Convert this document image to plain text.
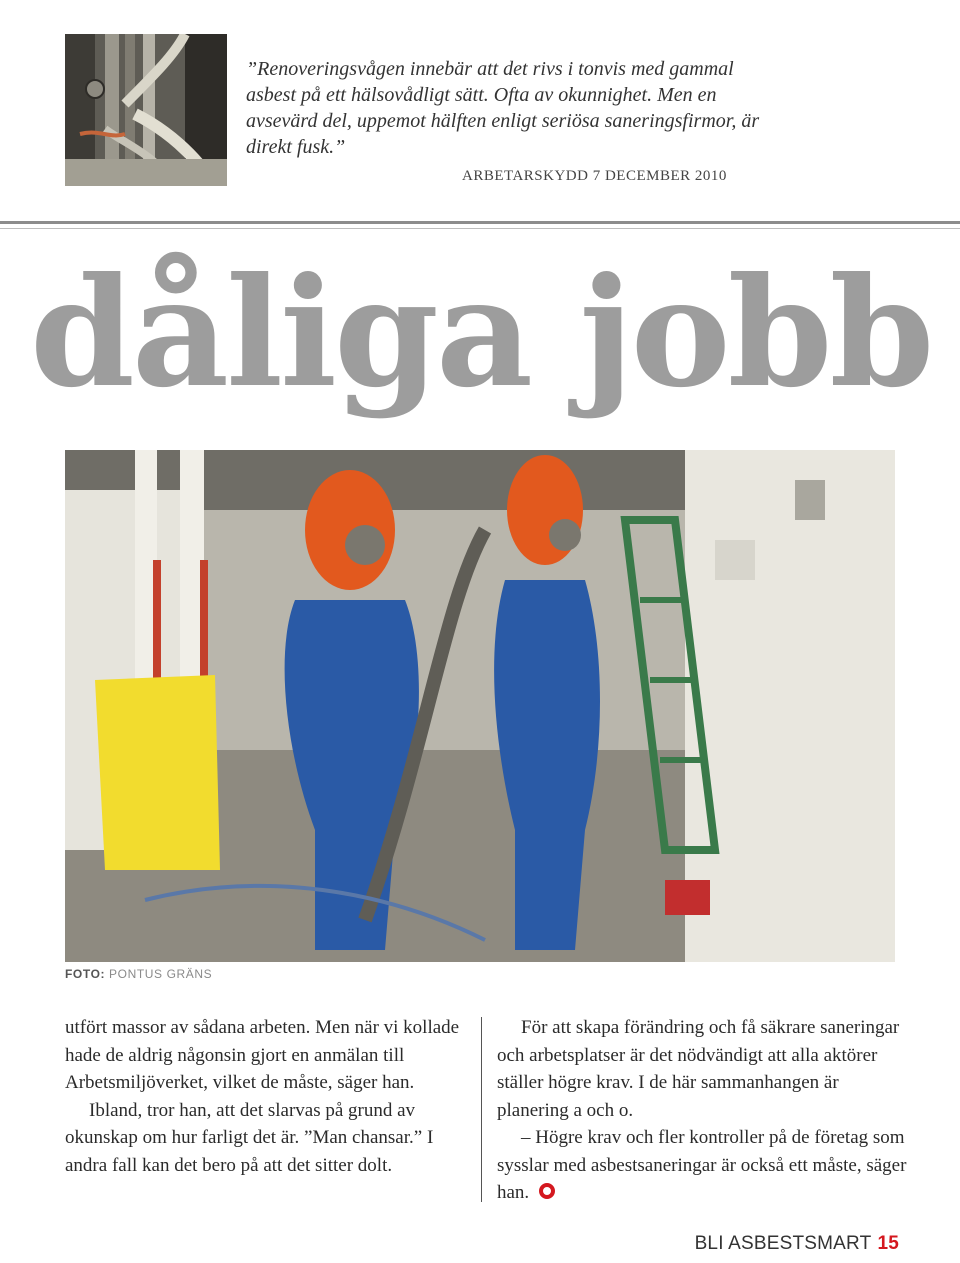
”Renoveringsvågen innebär att det rivs i tonvis med gammal asbest på ett hälsovådligt sätt. Ofta av okunnighet. Men en avsevärd del, uppemot hälften enligt seriösa saneringsfirmor, är direkt fusk.”
ARBETARSKYDD 7 DECEMBER 2010
dåliga jobb
FOTO: PONTUS GRÄNS

utfört massor av sådana arbeten. Men när vi kollade hade de aldrig någonsin gjort en anmälan till Arbetsmiljöverket, vilket de måste, säger han.

Ibland, tror han, att det slarvas på grund av okunskap om hur farligt det är. ”Man chansar.” I andra fall kan det bero på att det sitter dolt.

För att skapa förändring och få säkrare saneringar och arbetsplatser är det nödvändigt att alla aktörer ställer högre krav. I de här sammanhangen är planering a och o.

– Högre krav och fler kontroller på de företag som sysslar med asbestsaneringar är också ett måste, säger han.

BLI ASBESTSMART 15
